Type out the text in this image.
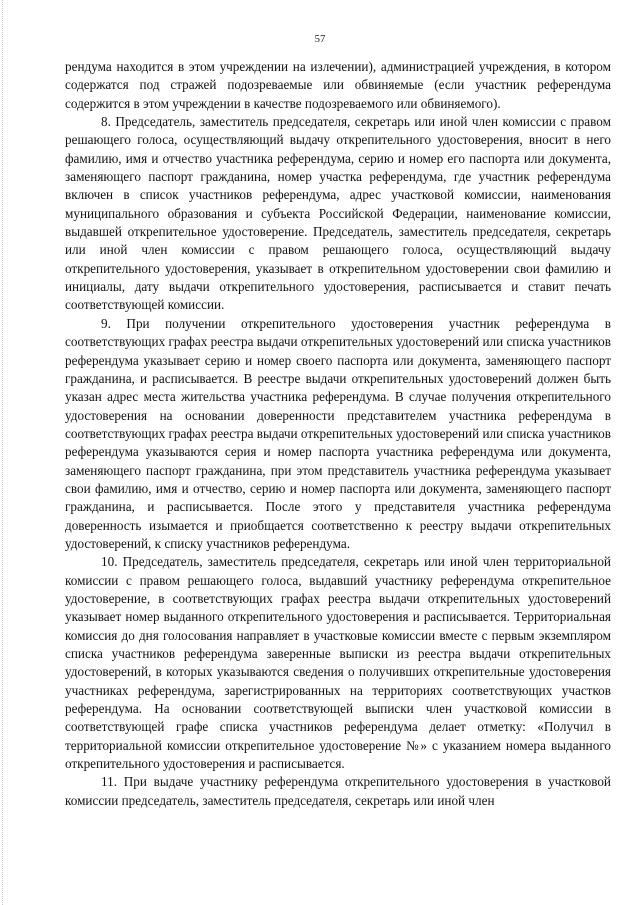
57

рендума находится в этом учреждении на излечении), администрацией учреждения, в котором содержатся под стражей подозреваемые или обвиняемые (если участник референдума содержится в этом учреждении в качестве подозреваемого или обвиняемого).

8. Председатель, заместитель председателя, секретарь или иной член комиссии с правом решающего голоса, осуществляющий выдачу открепительного удостоверения, вносит в него фамилию, имя и отчество участника референдума, серию и номер его паспорта или документа, заменяющего паспорт гражданина, номер участка референдума, где участник референдума включен в список участников референдума, адрес участковой комиссии, наименования муниципального образования и субъекта Российской Федерации, наименование комиссии, выдавшей открепительное удостоверение. Председатель, заместитель председателя, секретарь или иной член комиссии с правом решающего голоса, осуществляющий выдачу открепительного удостоверения, указывает в открепительном удостоверении свои фамилию и инициалы, дату выдачи открепительного удостоверения, расписывается и ставит печать соответствующей комиссии.

9. При получении открепительного удостоверения участник референдума в соответствующих графах реестра выдачи открепительных удостоверений или списка участников референдума указывает серию и номер своего паспорта или документа, заменяющего паспорт гражданина, и расписывается. В реестре выдачи открепительных удостоверений должен быть указан адрес места жительства участника референдума. В случае получения открепительного удостоверения на основании доверенности представителем участника референдума в соответствующих графах реестра выдачи открепительных удостоверений или списка участников референдума указываются серия и номер паспорта участника референдума или документа, заменяющего паспорт гражданина, при этом представитель участника референдума указывает свои фамилию, имя и отчество, серию и номер паспорта или документа, заменяющего паспорт гражданина, и расписывается. После этого у представителя участника референдума доверенность изымается и приобщается соответственно к реестру выдачи открепительных удостоверений, к списку участников референдума.

10. Председатель, заместитель председателя, секретарь или иной член территориальной комиссии с правом решающего голоса, выдавший участнику референдума открепительное удостоверение, в соответствующих графах реестра выдачи открепительных удостоверений указывает номер выданного открепительного удостоверения и расписывается. Территориальная комиссия до дня голосования направляет в участковые комиссии вместе с первым экземпляром списка участников референдума заверенные выписки из реестра выдачи открепительных удостоверений, в которых указываются сведения о получивших открепительные удостоверения участниках референдума, зарегистрированных на территориях соответствующих участков референдума. На основании соответствующей выписки член участковой комиссии в соответствующей графе списка участников референдума делает отметку: «Получил в территориальной комиссии открепительное удостоверение №» с указанием номера выданного открепительного удостоверения и расписывается.

11. При выдаче участнику референдума открепительного удостоверения в участковой комиссии председатель, заместитель председателя, секретарь или иной член
